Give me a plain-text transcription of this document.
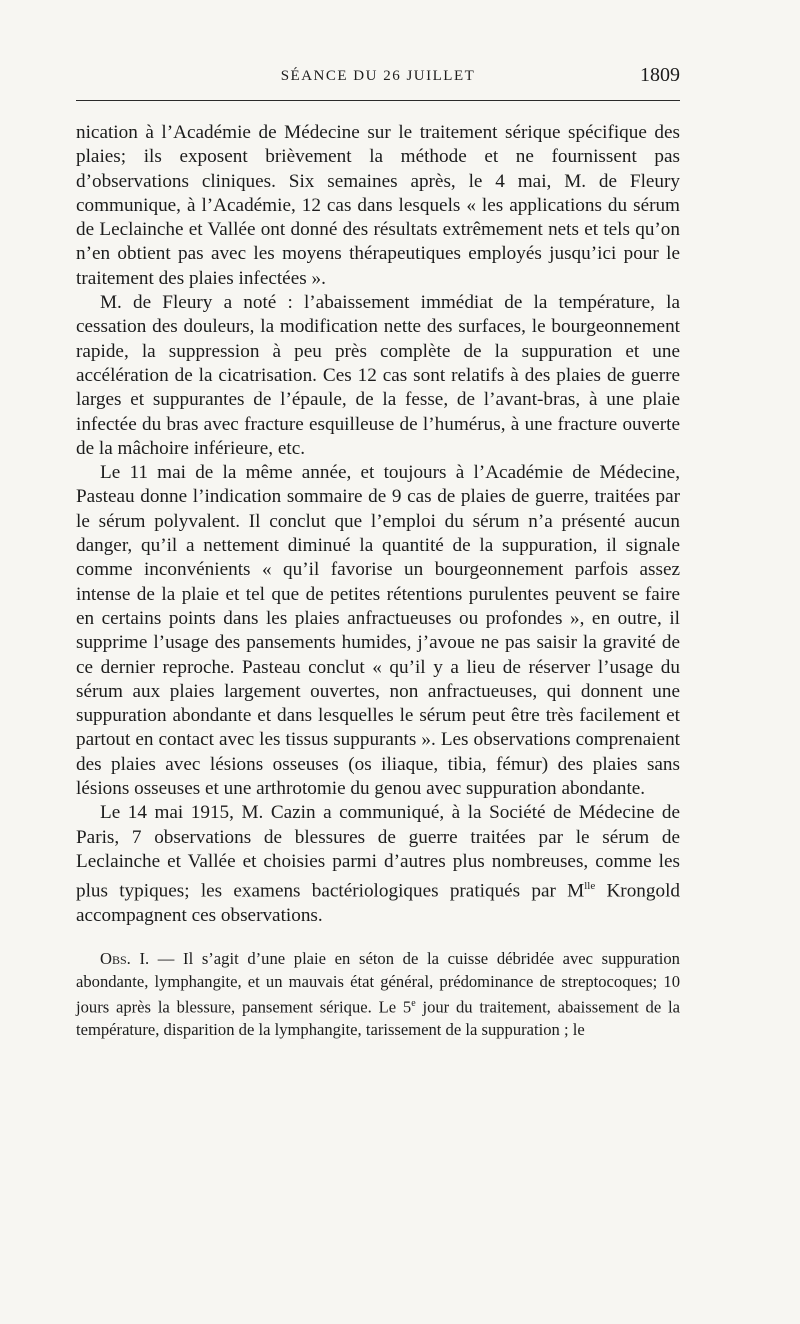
SÉANCE DU 26 JUILLET	1809

nication à l’Académie de Médecine sur le traitement sérique spécifique des plaies; ils exposent brièvement la méthode et ne fournissent pas d’observations cliniques. Six semaines après, le 4 mai, M. de Fleury communique, à l’Académie, 12 cas dans lesquels « les applications du sérum de Leclainche et Vallée ont donné des résultats extrêmement nets et tels qu’on n’en obtient pas avec les moyens thérapeutiques employés jusqu’ici pour le traitement des plaies infectées ».

M. de Fleury a noté : l’abaissement immédiat de la température, la cessation des douleurs, la modification nette des surfaces, le bourgeonnement rapide, la suppression à peu près complète de la suppuration et une accélération de la cicatrisation. Ces 12 cas sont relatifs à des plaies de guerre larges et suppurantes de l’épaule, de la fesse, de l’avant-bras, à une plaie infectée du bras avec fracture esquilleuse de l’humérus, à une fracture ouverte de la mâchoire inférieure, etc.

Le 11 mai de la même année, et toujours à l’Académie de Médecine, Pasteau donne l’indication sommaire de 9 cas de plaies de guerre, traitées par le sérum polyvalent. Il conclut que l’emploi du sérum n’a présenté aucun danger, qu’il a nettement diminué la quantité de la suppuration, il signale comme inconvénients « qu’il favorise un bourgeonnement parfois assez intense de la plaie et tel que de petites rétentions purulentes peuvent se faire en certains points dans les plaies anfractueuses ou profondes », en outre, il supprime l’usage des pansements humides, j’avoue ne pas saisir la gravité de ce dernier reproche. Pasteau conclut « qu’il y a lieu de réserver l’usage du sérum aux plaies largement ouvertes, non anfractueuses, qui donnent une suppuration abondante et dans lesquelles le sérum peut être très facilement et partout en contact avec les tissus suppurants ». Les observations comprenaient des plaies avec lésions osseuses (os iliaque, tibia, fémur) des plaies sans lésions osseuses et une arthrotomie du genou avec suppuration abondante.

Le 14 mai 1915, M. Cazin a communiqué, à la Société de Médecine de Paris, 7 observations de blessures de guerre traitées par le sérum de Leclainche et Vallée et choisies parmi d’autres plus nombreuses, comme les plus typiques; les examens bactériologiques pratiqués par $M^{lle}$ Krongold accompagnent ces observations.

Obs. I. — Il s’agit d’une plaie en séton de la cuisse débridée avec suppuration abondante, lymphangite, et un mauvais état général, prédominance de streptocoques; 10 jours après la blessure, pansement sérique. Le 5e jour du traitement, abaissement de la température, disparition de la lymphangite, tarissement de la suppuration ; le
